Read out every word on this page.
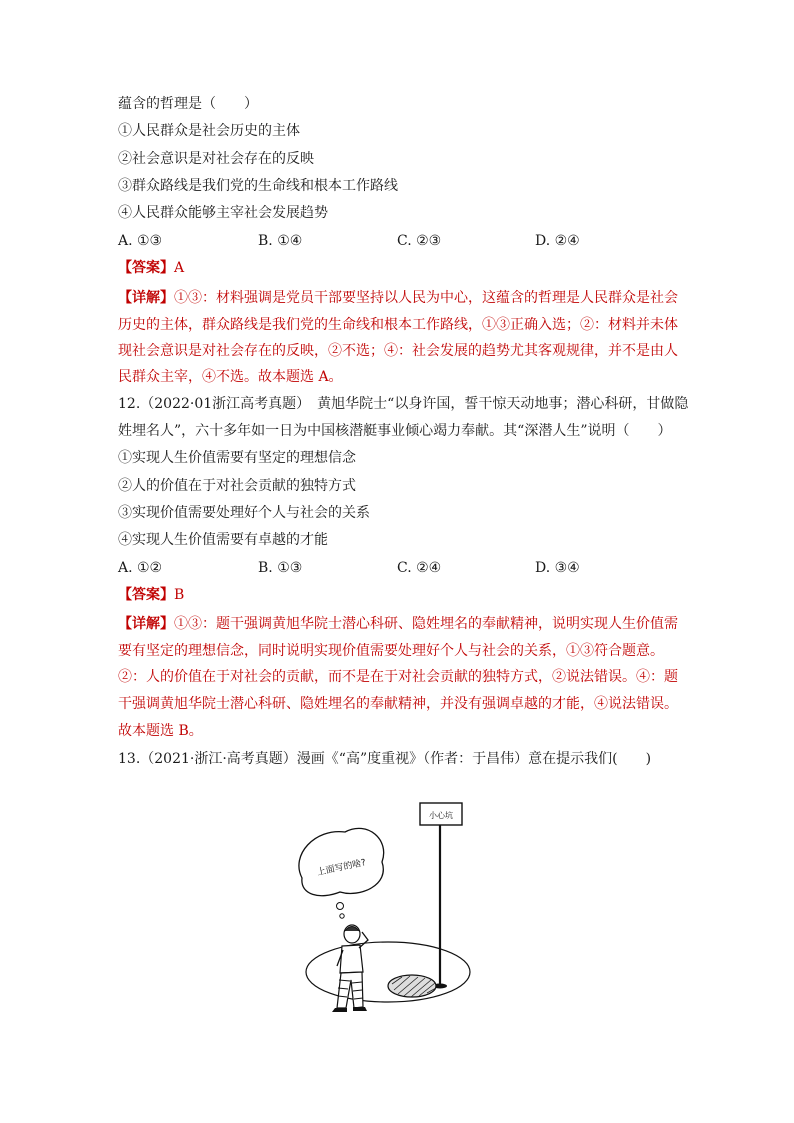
蕴含的哲理是（　　）
①人民群众是社会历史的主体
②社会意识是对社会存在的反映
③群众路线是我们党的生命线和根本工作路线
④人民群众能够主宰社会发展趋势
A. ①③	B. ①④	C. ②③	D. ②④
【答案】A
【详解】①③：材料强调是党员干部要坚持以人民为中心，这蕴含的哲理是人民群众是社会
历史的主体，群众路线是我们党的生命线和根本工作路线，①③正确入选；②：材料并未体
现社会意识是对社会存在的反映，②不选；④：社会发展的趋势尤其客观规律，并不是由人
民群众主宰，④不选。故本题选 A。
12.（2022·01浙江高考真题）　黄旭华院士“以身许国，誓干惊天动地事；潜心科研，甘做隐
姓埋名人”，六十多年如一日为中国核潜艇事业倾心竭力奉献。其“深潜人生”说明（　　）
①实现人生价值需要有坚定的理想信念
②人的价值在于对社会贡献的独特方式
③实现价值需要处理好个人与社会的关系
④实现人生价值需要有卓越的才能
A. ①②	B. ①③	C. ②④	D. ③④
【答案】B
【详解】①③：题干强调黄旭华院士潜心科研、隐姓埋名的奉献精神，说明实现人生价值需
要有坚定的理想信念，同时说明实现价值需要处理好个人与社会的关系，①③符合题意。
②：人的价值在于对社会的贡献，而不是在于对社会贡献的独特方式，②说法错误。④：题
干强调黄旭华院士潜心科研、隐姓埋名的奉献精神，并没有强调卓越的才能，④说法错误。
故本题选 B。
13.（2021·浙江·高考真题）漫画《“高”度重视》（作者：于昌伟）意在提示我们(　　)
小心坑
上面写的啥?
